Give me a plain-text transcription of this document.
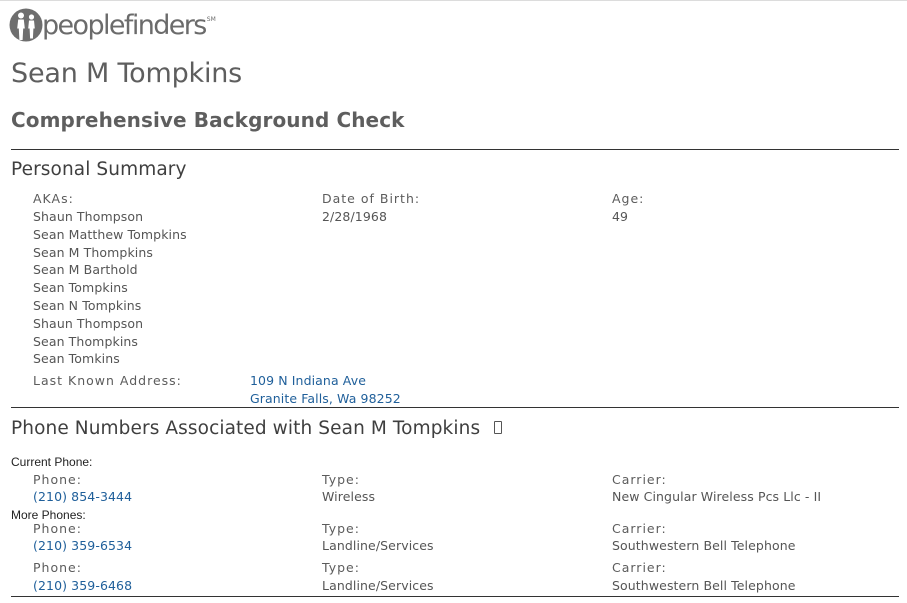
peoplefinders SM
Sean M Tompkins
Comprehensive Background Check
Personal Summary
AKAs:
Shaun Thompson
Sean Matthew Tompkins
Sean M Thompkins
Sean M Barthold
Sean Tompkins
Sean N Tompkins
Shaun Thompson
Sean Thompkins
Sean Tomkins
Date of Birth:
2/28/1968
Age:
49
Last Known Address:	109 N Indiana Ave
Granite Falls, Wa 98252
Phone Numbers Associated with Sean M Tompkins
Current Phone:
Phone:
(210) 854-3444
Type:
Wireless
Carrier:
New Cingular Wireless Pcs Llc - II
More Phones:
Phone:
(210) 359-6534
Type:
Landline/Services
Carrier:
Southwestern Bell Telephone
Phone:
(210) 359-6468
Type:
Landline/Services
Carrier:
Southwestern Bell Telephone
